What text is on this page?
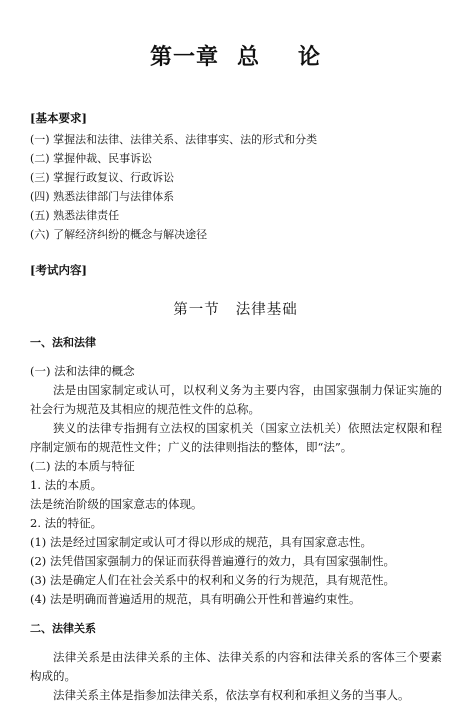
第一章 总 论
[基本要求]
(一) 掌握法和法律、法律关系、法律事实、法的形式和分类
(二) 掌握仲裁、民事诉讼
(三) 掌握行政复议、行政诉讼
(四) 熟悉法律部门与法律体系
(五) 熟悉法律责任
(六) 了解经济纠纷的概念与解决途径
[考试内容]
第一节 法律基础
一、法和法律
(一) 法和法律的概念
法是由国家制定或认可，以权利义务为主要内容，由国家强制力保证实施的社会行为规范及其相应的规范性文件的总称。
狭义的法律专指拥有立法权的国家机关（国家立法机关）依照法定权限和程序制定颁布的规范性文件；广义的法律则指法的整体，即“法”。
(二) 法的本质与特征
1. 法的本质。
法是统治阶级的国家意志的体现。
2. 法的特征。
(1) 法是经过国家制定或认可才得以形成的规范，具有国家意志性。
(2) 法凭借国家强制力的保证而获得普遍遵行的效力，具有国家强制性。
(3) 法是确定人们在社会关系中的权利和义务的行为规范，具有规范性。
(4) 法是明确而普遍适用的规范，具有明确公开性和普遍约束性。
二、法律关系
法律关系是由法律关系的主体、法律关系的内容和法律关系的客体三个要素构成的。
法律关系主体是指参加法律关系，依法享有权利和承担义务的当事人。
